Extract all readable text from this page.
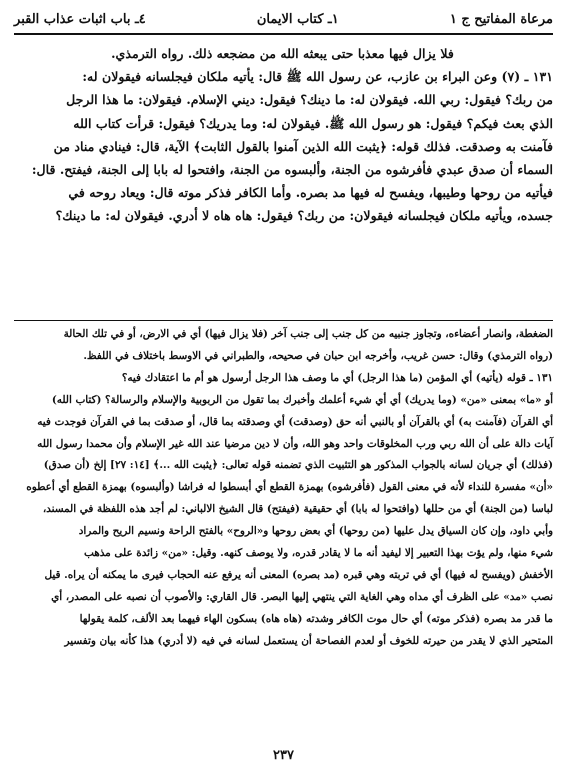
مرعاة المفاتيح ج ١
١ـ كتاب الايمان
٤ـ باب اثبات عذاب القبر

فلا يزال فيها معذبا حتى يبعثه الله من مضجعه ذلك. رواه الترمذي.

١٣١ ـ (٧) وعن البراء بن عازب، عن رسول الله ﷺ قال: يأتيه ملكان فيجلسانه فيقولان له:

من ربك؟ فيقول: ربي الله. فيقولان له: ما دينك؟ فيقول: ديني الإسلام. فيقولان: ما هذا الرجل

الذي بعث فيكم؟ فيقول: هو رسول الله ﷺ. فيقولان له: وما يدريك؟ فيقول: قرأت كتاب الله

فآمنت به وصدقت. فذلك قوله: ﴿يثبت الله الذين آمنوا بالقول الثابت﴾ الآية، قال: فينادي مناد من

السماء أن صدق عبدي فأفرشوه من الجنة، وألبسوه من الجنة، وافتحوا له بابا إلى الجنة، فيفتح. قال:

فيأتيه من روحها وطيبها، ويفسح له فيها مد بصره. وأما الكافر فذكر موته قال: ويعاد روحه في

جسده، ويأتيه ملكان فيجلسانه فيقولان: من ربك؟ فيقول: هاه هاه لا أدري. فيقولان له: ما دينك؟

الضغطة، وانصار أعضاءه، وتجاوز جنبيه من كل جنب إلى جنب آخر (فلا يزال فيها) أي في الارض، أو في تلك الحالة

(رواه الترمذي) وقال: حسن غريب، وأخرجه ابن حبان في صحيحه، والطبراني في الاوسط باختلاف في اللفظ.

١٣١ ـ قوله (يأتيه) أي المؤمن (ما هذا الرجل) أي ما وصف هذا الرجل أرسول هو أم ما اعتقادك فيه؟

أو «ما» بمعنى «من» (وما يدريك) أي أي شيء أعلمك وأخبرك بما تقول من الربوبية والإسلام والرسالة؟ (كتاب الله)

أي القرآن (فآمنت به) أي بالقرآن أو بالنبي أنه حق (وصدقت) أي وصدقته بما قال، أو صدقت بما في القرآن فوجدت فيه

آيات دالة على أن الله ربي ورب المخلوقات واحد وهو الله، وأن لا دين مرضيا عند الله غير الإسلام وأن محمدا رسول الله

(فذلك) أي جريان لسانه بالجواب المذكور هو التثبيت الذي تضمنه قوله تعالى: ﴿يثبت الله ...﴾ [١٤: ٢٧] إلخ (أن صدق)

«أن» مفسرة للنداء لأنه في معنى القول (فأفرشوه) بهمزة القطع أي أبسطوا له فراشا (وألبسوه) بهمزة القطع أي أعطوه

لباسا (من الجنة) أي من حللها (وافتحوا له بابا) أي حقيقية (فيفتح) قال الشيخ الالباني: لم أجد هذه اللفظة في المسند،

وأبي داود، وإن كان السياق يدل عليها (من روحها) أي بعض روحها و«الروح» بالفتح الراحة ونسيم الريح والمراد

شيء منها، ولم يؤت بهذا التعبير إلا ليفيد أنه ما لا يقادر قدره، ولا يوصف كنهه. وقيل: «من» زائدة على مذهب

الأخفش (ويفسح له فيها) أي في تربته وهي قبره (مد بصره) المعنى أنه يرفع عنه الحجاب فيرى ما يمكنه أن يراه. قيل

نصب «مد» على الظرف أي مداه وهي الغاية التي ينتهي إليها البصر. قال القاري: والأصوب أن نصبه على المصدر، أي

ما قدر مد بصره (فذكر موته) أي حال موت الكافر وشدته (هاه هاه) بسكون الهاء فيهما بعد الألف، كلمة يقولها

المتحير الذي لا يقدر من حيرته للخوف أو لعدم الفصاحة أن يستعمل لسانه في فيه (لا أدري) هذا كأنه بيان وتفسير

٢٣٧
